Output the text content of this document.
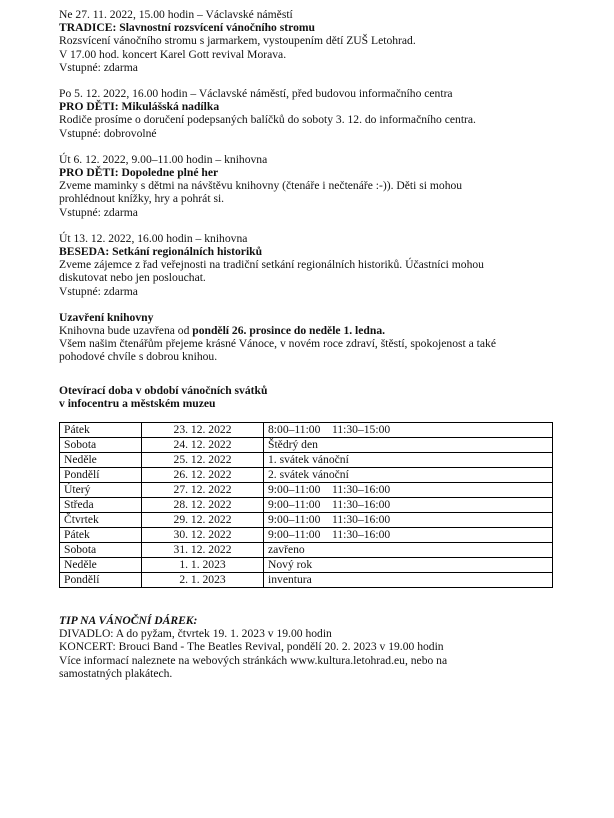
Ne 27. 11. 2022, 15.00 hodin – Václavské náměstí
TRADICE: Slavnostní rozsvícení vánočního stromu
Rozsvícení vánočního stromu s jarmarkem, vystoupením dětí ZUŠ Letohrad.
V 17.00 hod. koncert Karel Gott revival Morava.
Vstupné: zdarma
Po 5. 12. 2022, 16.00 hodin – Václavské náměstí, před budovou informačního centra
PRO DĚTI: Mikulášská nadílka
Rodiče prosíme o doručení podepsaných balíčků do soboty 3. 12. do informačního centra.
Vstupné: dobrovolné
Út 6. 12. 2022, 9.00–11.00 hodin – knihovna
PRO DĚTI: Dopoledne plné her
Zveme maminky s dětmi na návštěvu knihovny (čtenáře i nečtenáře :-)). Děti si mohou
prohlédnout knížky, hry a pohrát si.
Vstupné: zdarma
Út 13. 12. 2022, 16.00 hodin – knihovna
BESEDA: Setkání regionálních historiků
Zveme zájemce z řad veřejnosti na tradiční setkání regionálních historiků. Účastníci mohou
diskutovat nebo jen poslouchat.
Vstupné: zdarma
Uzavření knihovny
Knihovna bude uzavřena od pondělí 26. prosince do neděle 1. ledna.
Všem našim čtenářům přejeme krásné Vánoce, v novém roce zdraví, štěstí, spokojenost a také
pohodové chvíle s dobrou knihou.
Otevírací doba v období vánočních svátků
v infocentru a městském muzeu
Pátek	23. 12. 2022	8:00–11:00    11:30–15:00
Sobota	24. 12. 2022	Štědrý den
Neděle	25. 12. 2022	1. svátek vánoční
Pondělí	26. 12. 2022	2. svátek vánoční
Úterý	27. 12. 2022	9:00–11:00    11:30–16:00
Středa	28. 12. 2022	9:00–11:00    11:30–16:00
Čtvrtek	29. 12. 2022	9:00–11:00    11:30–16:00
Pátek	30. 12. 2022	9:00–11:00    11:30–16:00
Sobota	31. 12. 2022	zavřeno
Neděle	1. 1. 2023	Nový rok
Pondělí	2. 1. 2023	inventura
TIP NA VÁNOČNÍ DÁREK:
DIVADLO: A do pyžam, čtvrtek 19. 1. 2023 v 19.00 hodin
KONCERT: Brouci Band - The Beatles Revival, pondělí 20. 2. 2023 v 19.00 hodin
Více informací naleznete na webových stránkách www.kultura.letohrad.eu, nebo na
samostatných plakátech.
